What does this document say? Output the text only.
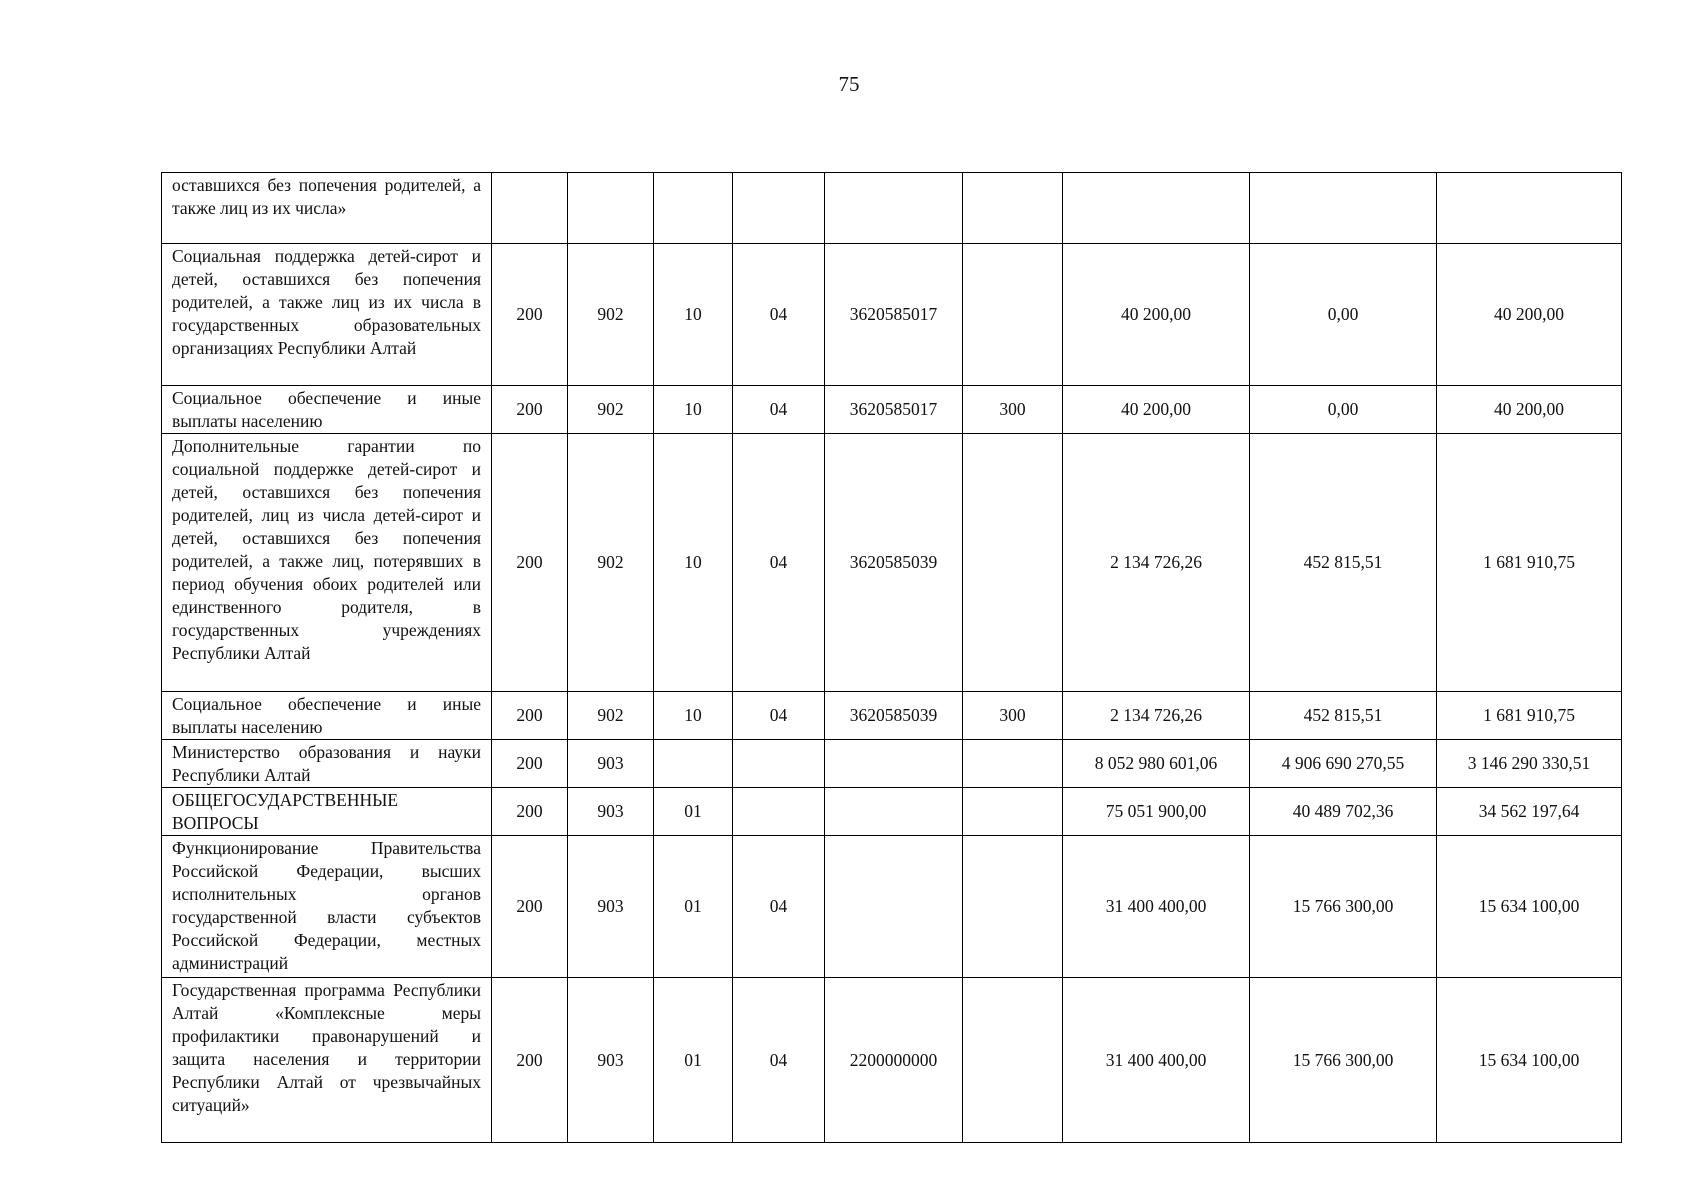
75
оставшихся без попечения родителей, а также лиц из их числа»									
Социальная поддержка детей-сирот и детей, оставшихся без попечения родителей, а также лиц из их числа в государственных образовательных организациях Республики Алтай	200	902	10	04	3620585017		40 200,00	0,00	40 200,00
Социальное обеспечение и иные выплаты населению	200	902	10	04	3620585017	300	40 200,00	0,00	40 200,00
Дополнительные гарантии по социальной поддержке детей-сирот и детей, оставшихся без попечения родителей, лиц из числа детей-сирот и детей, оставшихся без попечения родителей, а также лиц, потерявших в период обучения обоих родителей или единственного родителя, в государственных учреждениях Республики Алтай	200	902	10	04	3620585039		2 134 726,26	452 815,51	1 681 910,75
Социальное обеспечение и иные выплаты населению	200	902	10	04	3620585039	300	2 134 726,26	452 815,51	1 681 910,75
Министерство образования и науки Республики Алтай	200	903					8 052 980 601,06	4 906 690 270,55	3 146 290 330,51
ОБЩЕГОСУДАРСТВЕННЫЕ ВОПРОСЫ	200	903	01				75 051 900,00	40 489 702,36	34 562 197,64
Функционирование Правительства Российской Федерации, высших исполнительных органов государственной власти субъектов Российской Федерации, местных администраций	200	903	01	04			31 400 400,00	15 766 300,00	15 634 100,00
Государственная программа Республики Алтай «Комплексные меры профилактики правонарушений и защита населения и территории Республики Алтай от чрезвычайных ситуаций»	200	903	01	04	2200000000		31 400 400,00	15 766 300,00	15 634 100,00
